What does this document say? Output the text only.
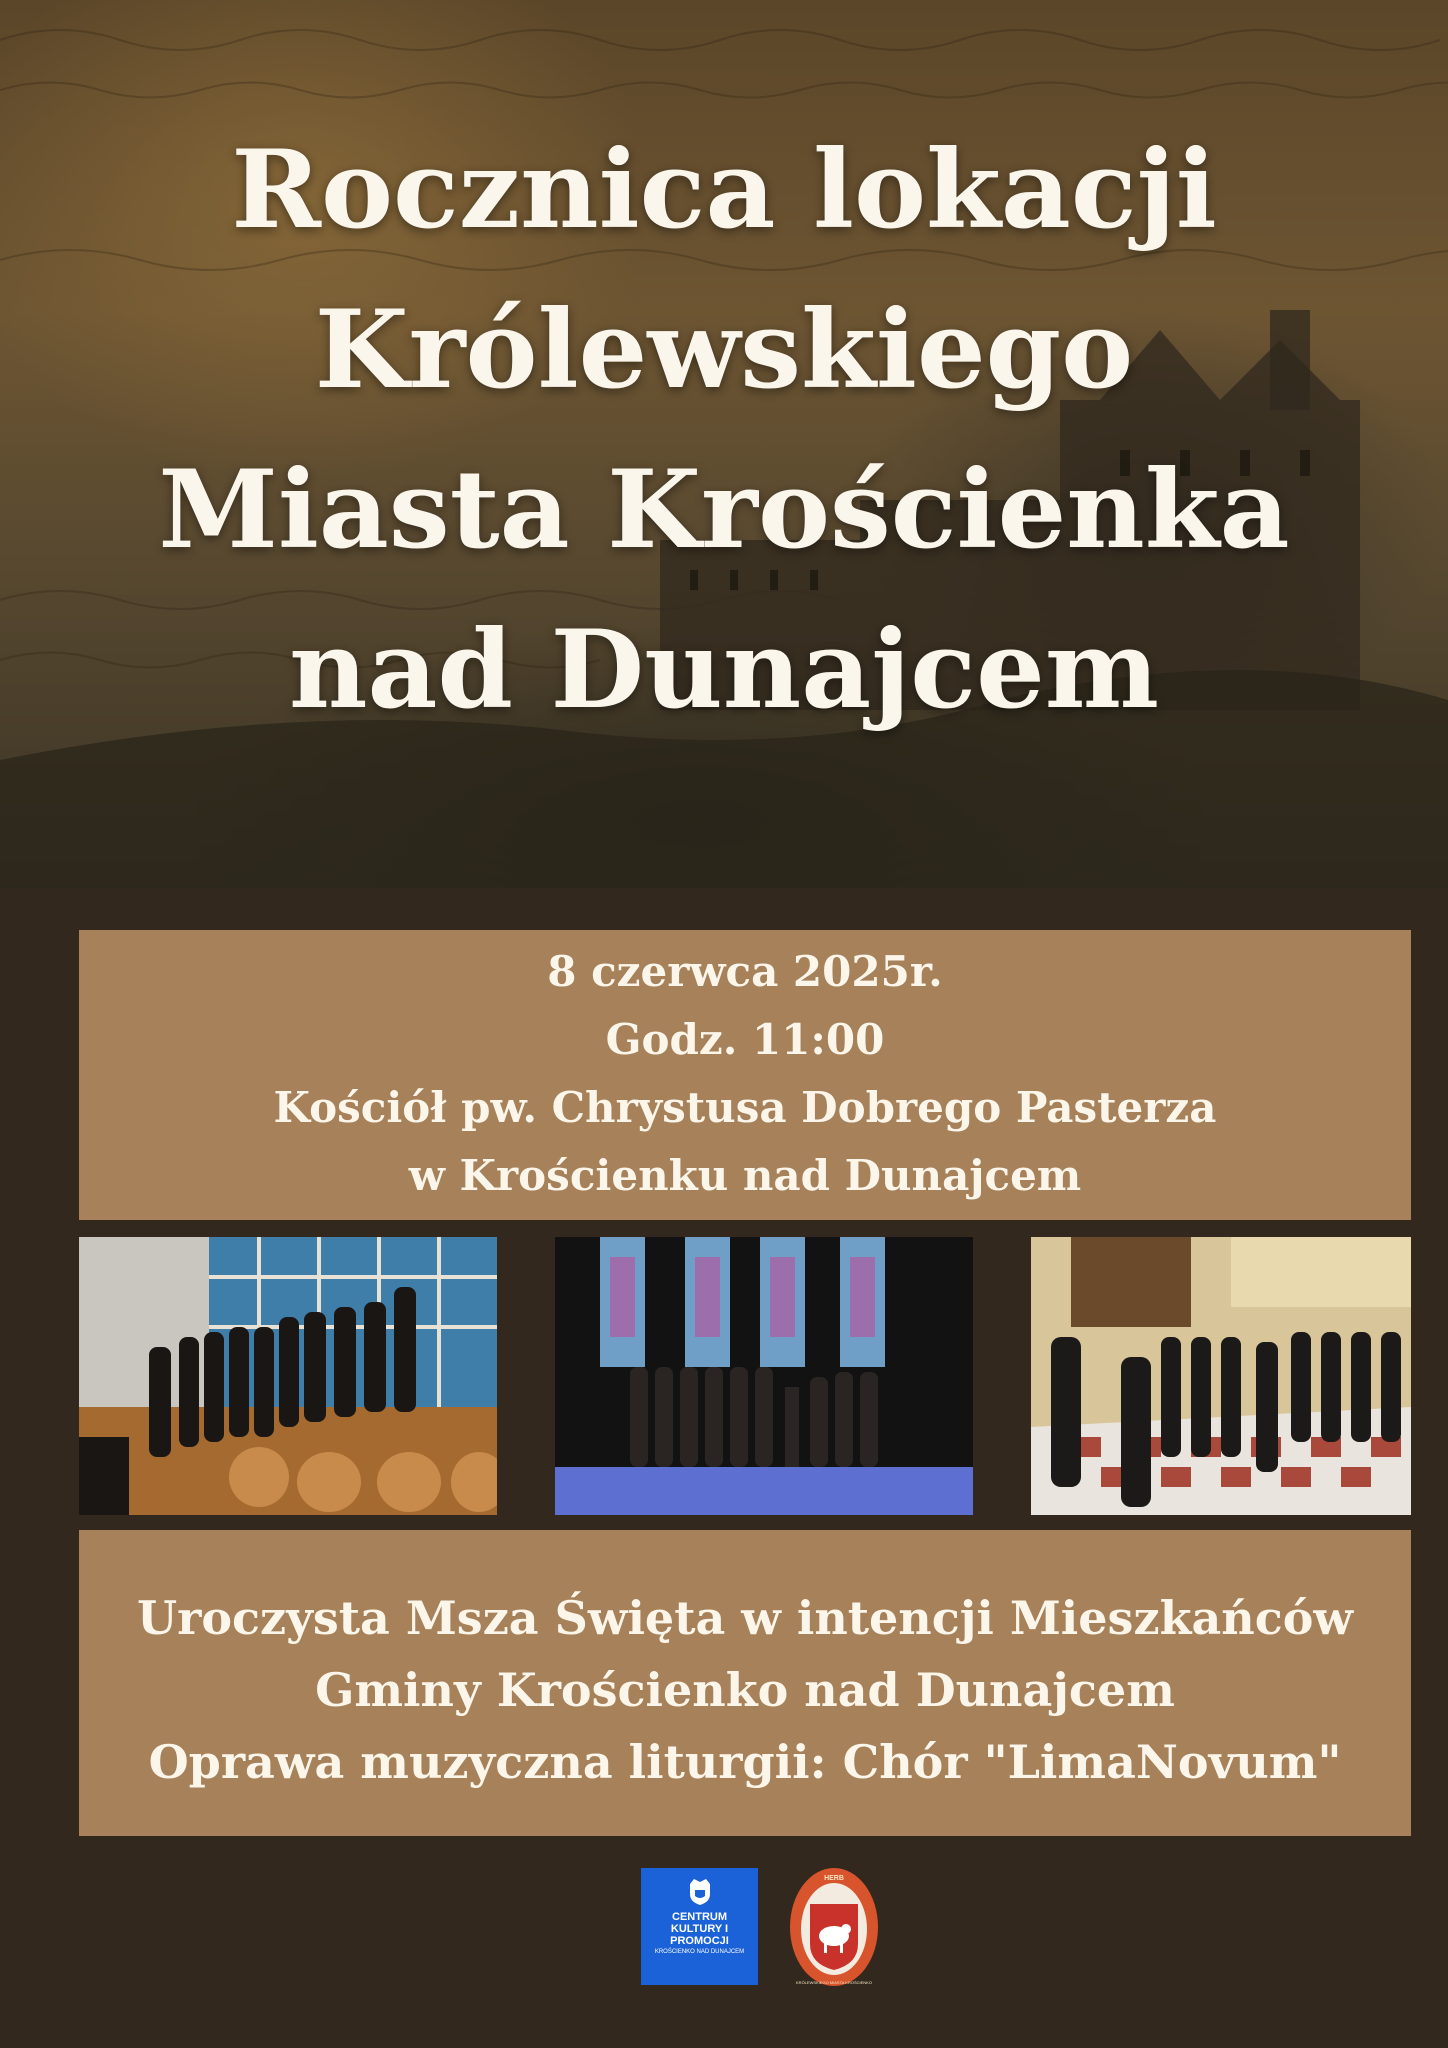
Rocznica lokacji
Królewskiego
Miasta Krościenka
nad Dunajcem
8 czerwca 2025r.
Godz. 11:00
Kościół pw. Chrystusa Dobrego Pasterza
w Krościenku nad Dunajcem
Uroczysta Msza Święta w intencji Mieszkańców
Gminy Krościenko nad Dunajcem
Oprawa muzyczna liturgii: Chór "LimaNovum"
CENTRUM
KULTURY I PROMOCJI
KROŚCIENKO NAD DUNAJCEM
HERB
KRÓLEWSKIEGO MIASTA KROŚCIENKO
